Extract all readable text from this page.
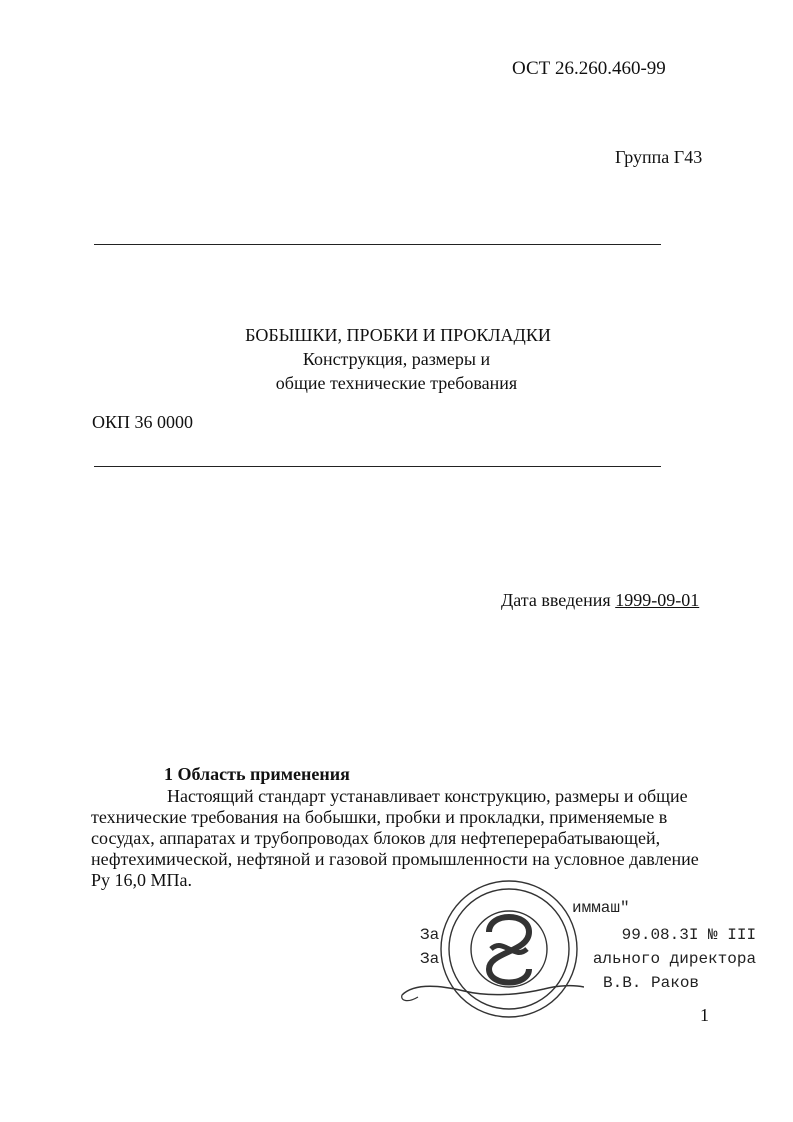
ОСТ 26.260.460-99
Группа Г43
БОБЫШКИ, ПРОБКИ И ПРОКЛАДКИ
Конструкция, размеры и
общие технические требования
ОКП 36 0000
Дата введения 1999-09-01
1 Область применения
Настоящий стандарт устанавливает конструкцию, размеры и общие технические требования на бобышки, пробки и прокладки, применяемые в сосудах, аппаратах и трубопроводах блоков для нефтеперерабатывающей, нефтехимической, нефтяной и газовой промышленности на условное давление Ру 16,0 МПа.
иммаш"
За                   99.08.3I № III
За                ального директора
В.В. Раков
1
